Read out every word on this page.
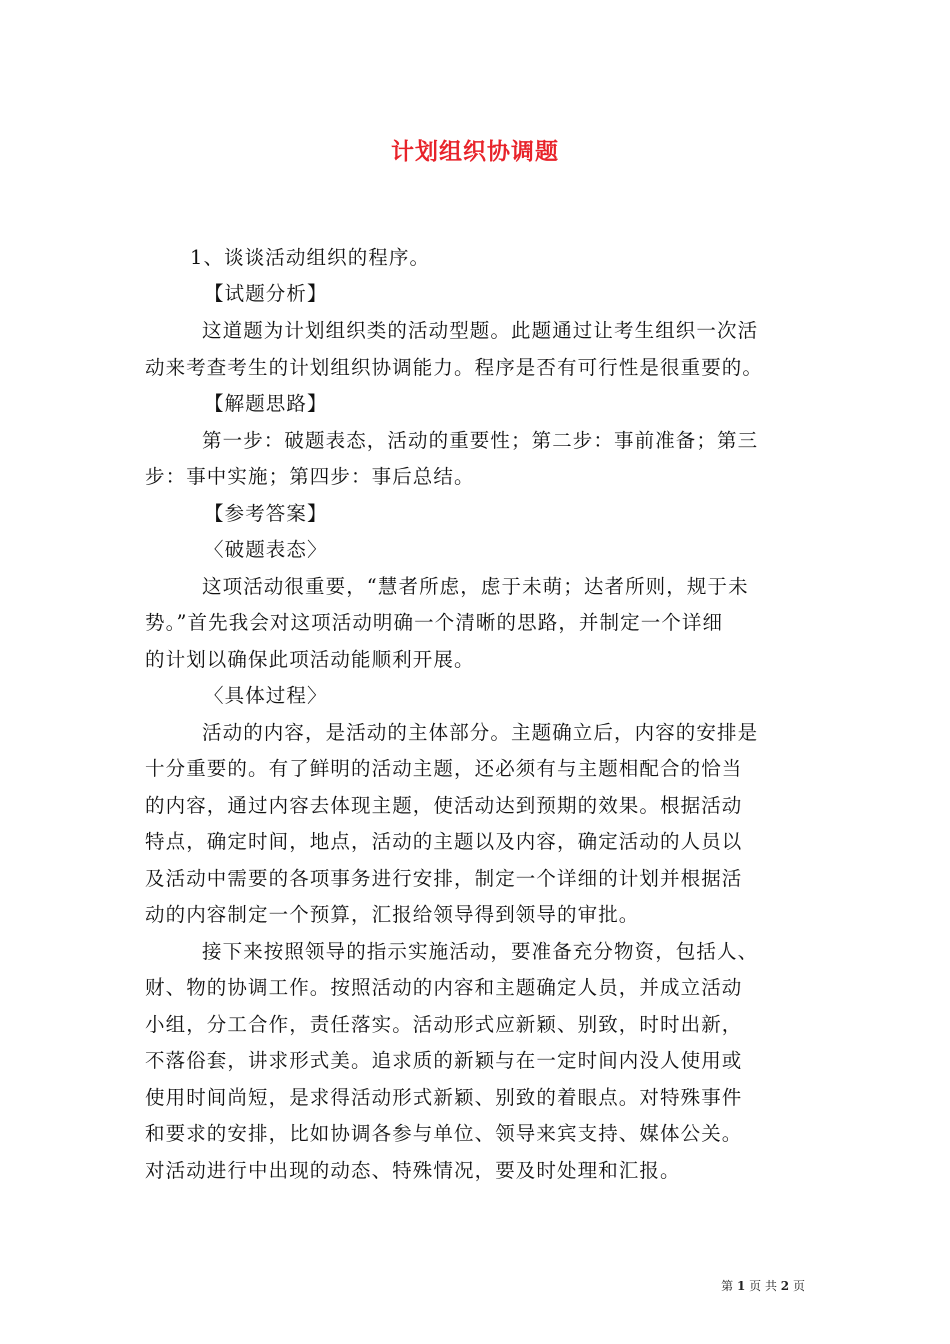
计划组织协调题
1、谈谈活动组织的程序。
【试题分析】
这道题为计划组织类的活动型题。此题通过让考生组织一次活
动来考查考生的计划组织协调能力。程序是否有可行性是很重要的。
【解题思路】
第一步：破题表态，活动的重要性；第二步：事前准备；第三
步：事中实施；第四步：事后总结。
【参考答案】
〈破题表态〉
这项活动很重要，“慧者所虑，虑于未萌；达者所则，规于未
势。”首先我会对这项活动明确一个清晰的思路，并制定一个详细
的计划以确保此项活动能顺利开展。
〈具体过程〉
活动的内容，是活动的主体部分。主题确立后，内容的安排是
十分重要的。有了鲜明的活动主题，还必须有与主题相配合的恰当
的内容，通过内容去体现主题，使活动达到预期的效果。根据活动
特点，确定时间，地点，活动的主题以及内容，确定活动的人员以
及活动中需要的各项事务进行安排，制定一个详细的计划并根据活
动的内容制定一个预算，汇报给领导得到领导的审批。
接下来按照领导的指示实施活动，要准备充分物资，包括人、
财、物的协调工作。按照活动的内容和主题确定人员，并成立活动
小组，分工合作，责任落实。活动形式应新颖、别致，时时出新，
不落俗套，讲求形式美。追求质的新颖与在一定时间内没人使用或
使用时间尚短，是求得活动形式新颖、别致的着眼点。对特殊事件
和要求的安排，比如协调各参与单位、领导来宾支持、媒体公关。
对活动进行中出现的动态、特殊情况，要及时处理和汇报。
第 1 页 共 2 页
